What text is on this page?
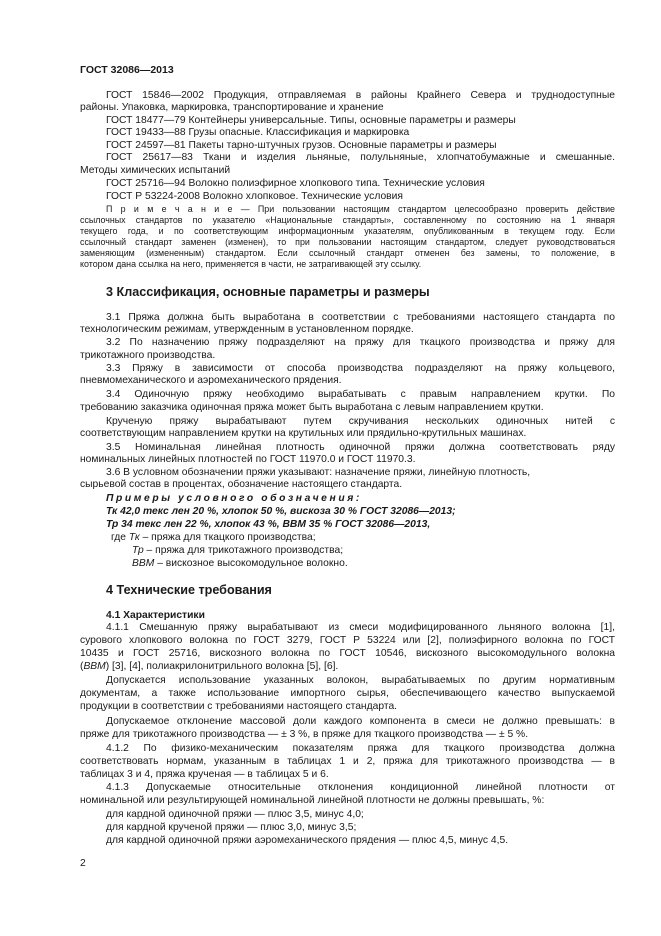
ГОСТ 32086—2013
ГОСТ 15846—2002 Продукция, отправляемая в районы Крайнего Севера и труднодоступные
районы. Упаковка, маркировка, транспортирование и хранение
ГОСТ 18477—79 Контейнеры универсальные. Типы, основные параметры и размеры
ГОСТ 19433—88 Грузы опасные. Классификация и маркировка
ГОСТ 24597—81 Пакеты тарно-штучных грузов. Основные параметры и размеры
ГОСТ 25617—83 Ткани и изделия льняные, полульняные, хлопчатобумажные и смешанные.
Методы химических испытаний
ГОСТ 25716—94 Волокно полиэфирное хлопкового типа. Технические условия
ГОСТ Р 53224-2008 Волокно хлопковое. Технические условия
П р и м е ч а н и е — При пользовании настоящим стандартом целесообразно проверить действие
ссылочных стандартов по указателю «Национальные стандарты», составленному по состоянию на 1 января
текущего года, и по соответствующим информационным указателям, опубликованным в текущем году. Если
ссылочный стандарт заменен (изменен), то при пользовании настоящим стандартом, следует руководствоваться
заменяющим (измененным) стандартом. Если ссылочный стандарт отменен без замены, то положение, в
котором дана ссылка на него, применяется в части, не затрагивающей эту ссылку.
3 Классификация, основные параметры и размеры
3.1 Пряжа должна быть выработана в соответствии с требованиями настоящего стандарта по
технологическим режимам, утвержденным в установленном порядке.
3.2 По назначению пряжу подразделяют на пряжу для ткацкого производства и пряжу для
трикотажного производства.
3.3 Пряжу в зависимости от способа производства подразделяют на пряжу кольцевого,
пневмомеханического и аэромеханического прядения.
3.4 Одиночную пряжу необходимо вырабатывать с правым направлением крутки. По
требованию заказчика одиночная пряжа может быть выработана с левым направлением крутки.
Крученую пряжу вырабатывают путем скручивания нескольких одиночных нитей с
соответствующим направлением крутки на крутильных или прядильно-крутильных машинах.
3.5 Номинальная линейная плотность одиночной пряжи должна соответствовать ряду
номинальных линейных плотностей по ГОСТ 11970.0 и ГОСТ 11970.3.
3.6 В условном обозначении пряжи указывают: назначение пряжи, линейную плотность,
сырьевой состав в процентах, обозначение настоящего стандарта.
Примеры условного обозначения:
Тк 42,0 текс лен 20 %, хлопок 50 %, вискоза 30 % ГОСТ 32086—2013;
Тр 34 текс лен 22 %, хлопок 43 %, ВВМ 35 % ГОСТ 32086—2013,
где Тк – пряжа для ткацкого производства;
Тр – пряжа для трикотажного производства;
ВВМ – вискозное высокомодульное волокно.
4 Технические требования
4.1 Характеристики
4.1.1 Смешанную пряжу вырабатывают из смеси модифицированного льняного волокна [1],
сурового хлопкового волокна по ГОСТ 3279, ГОСТ Р 53224 или [2], полиэфирного волокна по ГОСТ
10435 и ГОСТ 25716, вискозного волокна по ГОСТ 10546, вискозного высокомодульного волокна
(ВВМ) [3], [4], полиакрилонитрильного волокна [5], [6].
Допускается использование указанных волокон, вырабатываемых по другим нормативным
документам, а также использование импортного сырья, обеспечивающего качество выпускаемой
продукции в соответствии с требованиями настоящего стандарта.
Допускаемое отклонение массовой доли каждого компонента в смеси не должно превышать: в
пряже для трикотажного производства — ± 3 %, в пряже для ткацкого производства — ± 5 %.
4.1.2 По физико-механическим показателям пряжа для ткацкого производства должна
соответствовать нормам, указанным в таблицах 1 и 2, пряжа для трикотажного производства — в
таблицах 3 и 4, пряжа крученая — в таблицах 5 и 6.
4.1.3 Допускаемые относительные отклонения кондиционной линейной плотности от
номинальной или результирующей номинальной линейной плотности не должны превышать, %:
для кардной одиночной пряжи — плюс 3,5, минус 4,0;
для кардной крученой пряжи — плюс 3,0, минус 3,5;
для кардной одиночной пряжи аэромеханического прядения — плюс 4,5, минус 4,5.
2
